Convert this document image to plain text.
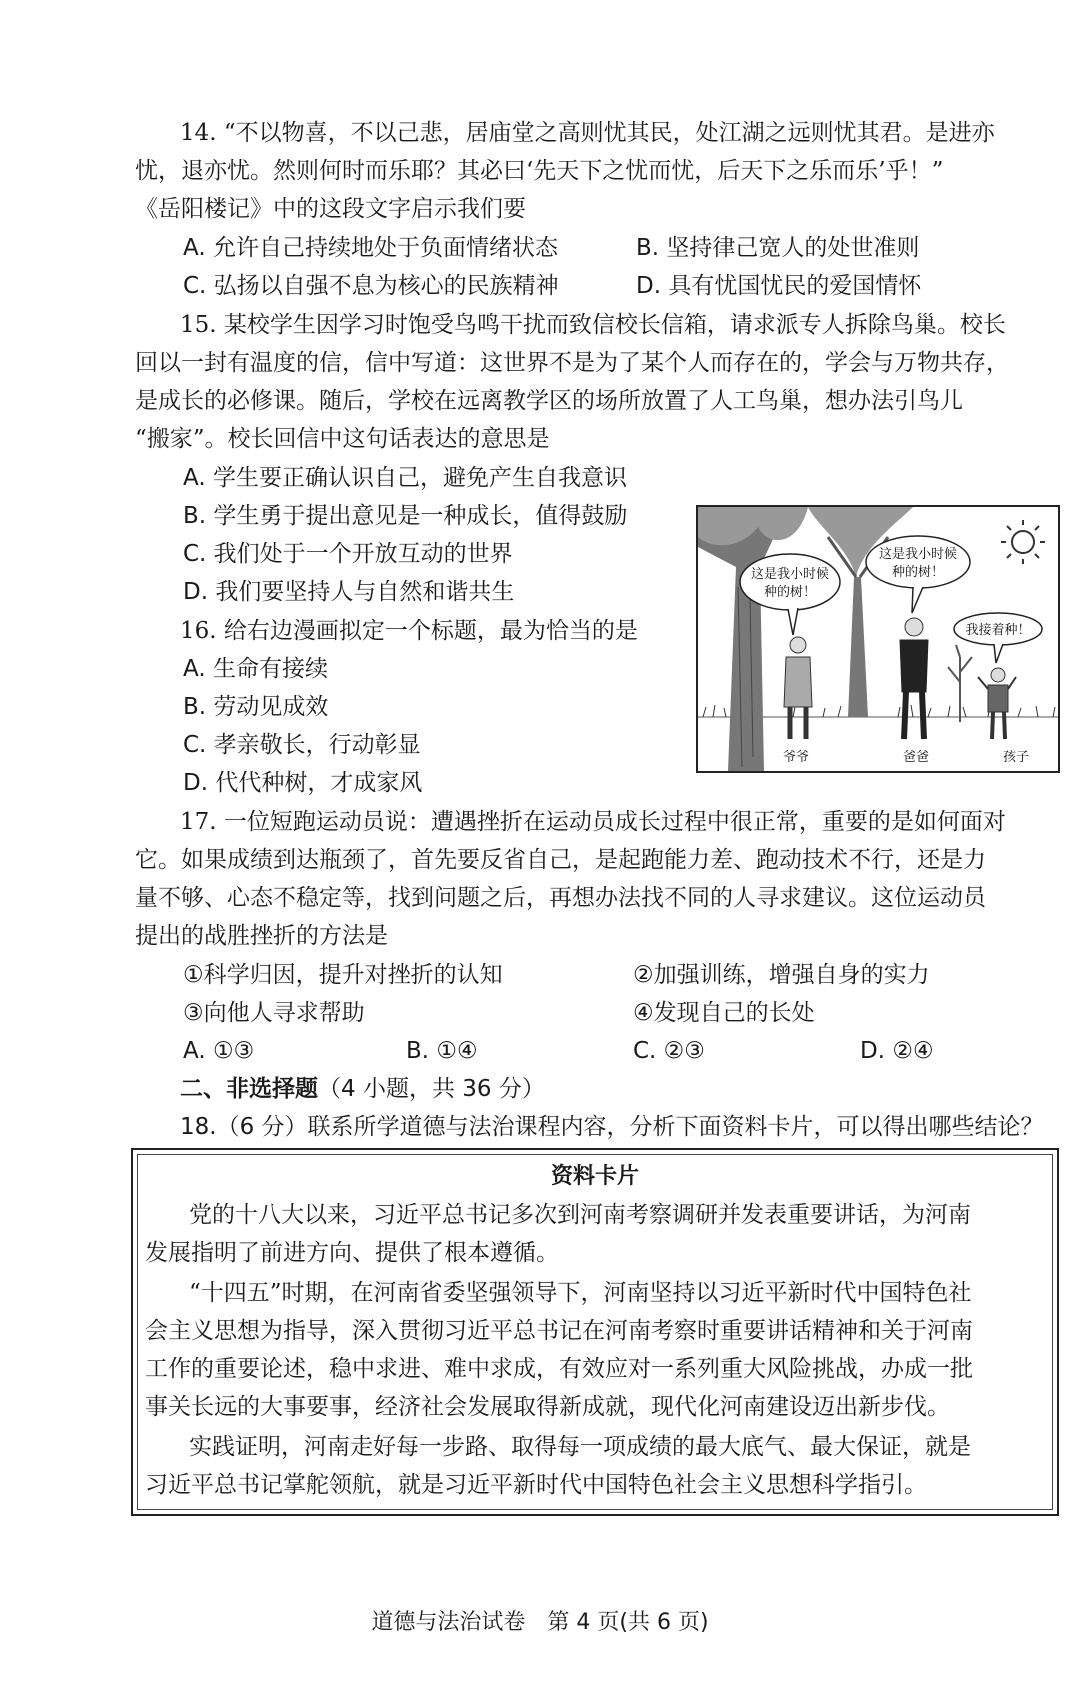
14. “不以物喜，不以己悲，居庙堂之高则忧其民，处江湖之远则忧其君。是进亦
忧，退亦忧。然则何时而乐耶？其必曰‘先天下之忧而忧，后天下之乐而乐’乎！”
《岳阳楼记》中的这段文字启示我们要
A. 允许自己持续地处于负面情绪状态	B. 坚持律己宽人的处世准则
C. 弘扬以自强不息为核心的民族精神	D. 具有忧国忧民的爱国情怀
15. 某校学生因学习时饱受鸟鸣干扰而致信校长信箱，请求派专人拆除鸟巢。校长
回以一封有温度的信，信中写道：这世界不是为了某个人而存在的，学会与万物共存，
是成长的必修课。随后，学校在远离教学区的场所放置了人工鸟巢，想办法引鸟儿
“搬家”。校长回信中这句话表达的意思是
A. 学生要正确认识自己，避免产生自我意识
B. 学生勇于提出意见是一种成长，值得鼓励
C. 我们处于一个开放互动的世界
D. 我们要坚持人与自然和谐共生
16. 给右边漫画拟定一个标题，最为恰当的是
A. 生命有接续
B. 劳动见成效
C. 孝亲敬长，行动彰显
D. 代代种树，才成家风
这是我小时候
种的树！
这是我小时候
种的树！
我接着种！
爷爷	爸爸	孩子
17. 一位短跑运动员说：遭遇挫折在运动员成长过程中很正常，重要的是如何面对
它。如果成绩到达瓶颈了，首先要反省自己，是起跑能力差、跑动技术不行，还是力
量不够、心态不稳定等，找到问题之后，再想办法找不同的人寻求建议。这位运动员
提出的战胜挫折的方法是
①科学归因，提升对挫折的认知	②加强训练，增强自身的实力
③向他人寻求帮助	④发现自己的长处
A. ①③	B. ①④	C. ②③	D. ②④
二、非选择题（4 小题，共 36 分）
18.（6 分）联系所学道德与法治课程内容，分析下面资料卡片，可以得出哪些结论？
资料卡片
党的十八大以来，习近平总书记多次到河南考察调研并发表重要讲话，为河南
发展指明了前进方向、提供了根本遵循。
“十四五”时期，在河南省委坚强领导下，河南坚持以习近平新时代中国特色社
会主义思想为指导，深入贯彻习近平总书记在河南考察时重要讲话精神和关于河南
工作的重要论述，稳中求进、难中求成，有效应对一系列重大风险挑战，办成一批
事关长远的大事要事，经济社会发展取得新成就，现代化河南建设迈出新步伐。
实践证明，河南走好每一步路、取得每一项成绩的最大底气、最大保证，就是
习近平总书记掌舵领航，就是习近平新时代中国特色社会主义思想科学指引。
道德与法治试卷　第 4 页(共 6 页)
